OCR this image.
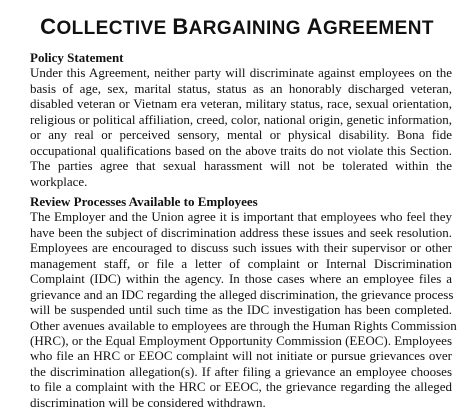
COLLECTIVE BARGAINING AGREEMENT
Policy Statement
Under this Agreement, neither party will discriminate against employees on the
basis of age, sex, marital status, status as an honorably discharged veteran,
disabled veteran or Vietnam era veteran, military status, race, sexual orientation,
religious or political affiliation, creed, color, national origin, genetic information,
or any real or perceived sensory, mental or physical disability. Bona fide
occupational qualifications based on the above traits do not violate this Section.
The parties agree that sexual harassment will not be tolerated within the
workplace.
Review Processes Available to Employees
The Employer and the Union agree it is important that employees who feel they
have been the subject of discrimination address these issues and seek resolution.
Employees are encouraged to discuss such issues with their supervisor or other
management staff, or file a letter of complaint or Internal Discrimination
Complaint (IDC) within the agency. In those cases where an employee files a
grievance and an IDC regarding the alleged discrimination, the grievance process
will be suspended until such time as the IDC investigation has been completed.
Other avenues available to employees are through the Human Rights Commission
(HRC), or the Equal Employment Opportunity Commission (EEOC). Employees
who file an HRC or EEOC complaint will not initiate or pursue grievances over
the discrimination allegation(s). If after filing a grievance an employee chooses
to file a complaint with the HRC or EEOC, the grievance regarding the alleged
discrimination will be considered withdrawn.
